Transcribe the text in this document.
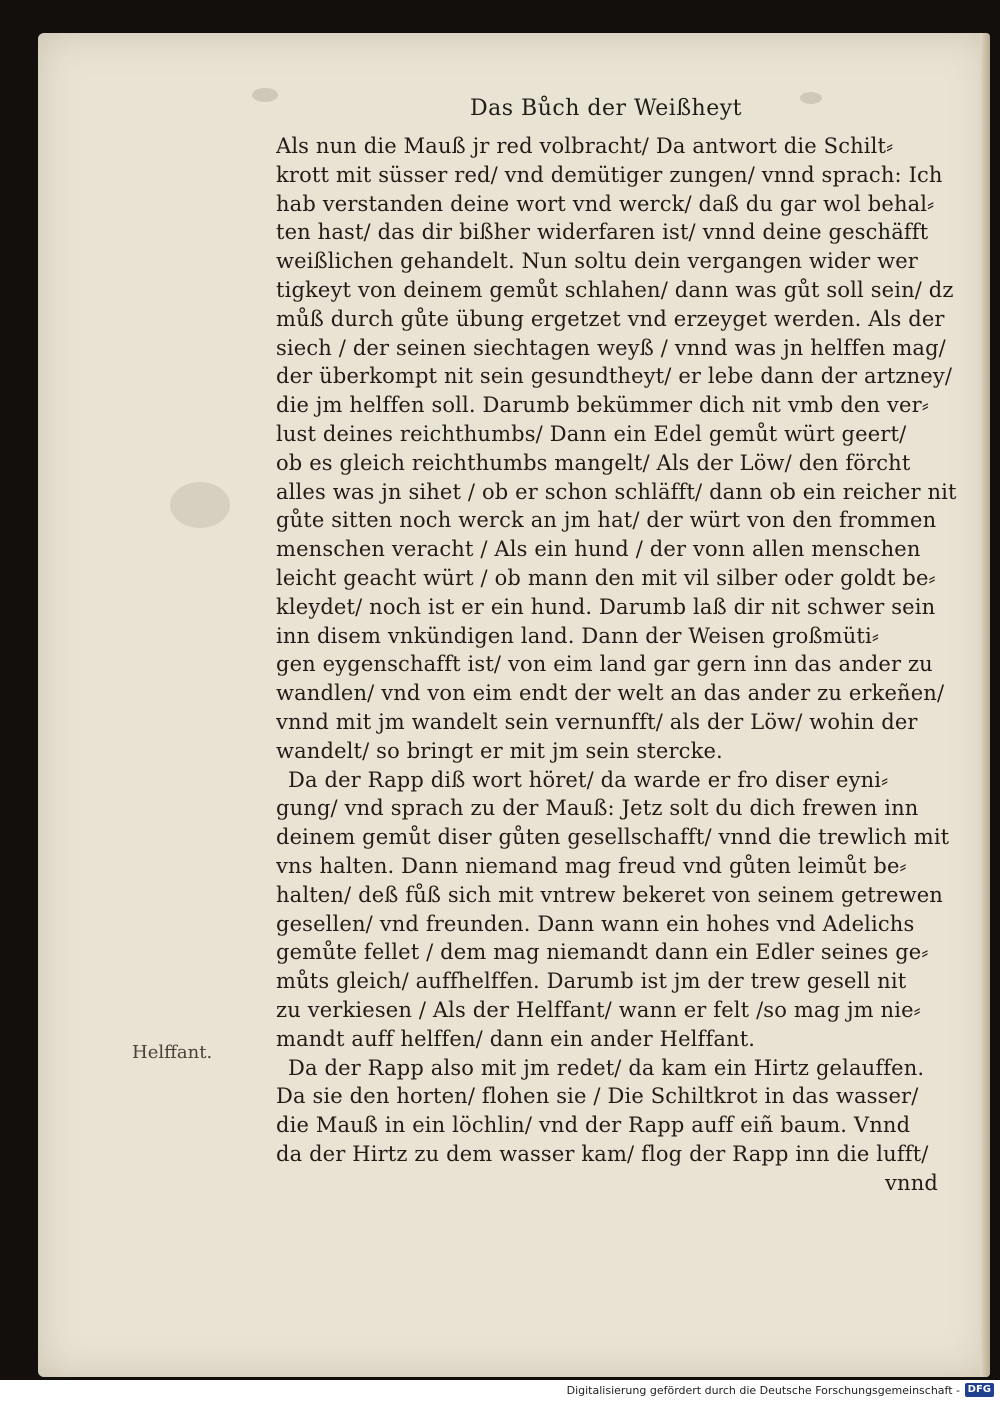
Das Bůch der Weißheyt
Als nun die Mauß jr red volbracht/ Da antwort die Schilt⸗
krott mit süsser red/ vnd demütiger zungen/ vnnd sprach: Ich
hab verstanden deine wort vnd werck/ daß du gar wol behal⸗
ten hast/ das dir bißher widerfaren ist/ vnnd deine geschäfft
weißlichen gehandelt. Nun soltu dein vergangen wider wer
tigkeyt von deinem gemůt schlahen/ dann was gůt soll sein/ dz
můß durch gůte übung ergetzet vnd erzeyget werden. Als der
siech / der seinen siechtagen weyß / vnnd was jn helffen mag/
der überkompt nit sein gesundtheyt/ er lebe dann der artzney/
die jm helffen soll. Darumb bekümmer dich nit vmb den ver⸗
lust deines reichthumbs/ Dann ein Edel gemůt würt geert/
ob es gleich reichthumbs mangelt/ Als der Löw/ den förcht
alles was jn sihet / ob er schon schläfft/ dann ob ein reicher nit
gůte sitten noch werck an jm hat/ der würt von den frommen
menschen veracht / Als ein hund / der vonn allen menschen
leicht geacht würt / ob mann den mit vil silber oder goldt be⸗
kleydet/ noch ist er ein hund. Darumb laß dir nit schwer sein
inn disem vnkündigen land. Dann der Weisen großmüti⸗
gen eygenschafft ist/ von eim land gar gern inn das ander zu
wandlen/ vnd von eim endt der welt an das ander zu erkeñen/
vnnd mit jm wandelt sein vernunfft/ als der Löw/ wohin der
wandelt/ so bringt er mit jm sein stercke.
Da der Rapp diß wort höret/ da warde er fro diser eyni⸗
gung/ vnd sprach zu der Mauß: Jetz solt du dich frewen inn
deinem gemůt diser gůten gesellschafft/ vnnd die trewlich mit
vns halten. Dann niemand mag freud vnd gůten leimůt be⸗
halten/ deß fůß sich mit vntrew bekeret von seinem getrewen
gesellen/ vnd freunden. Dann wann ein hohes vnd Adelichs
gemůte fellet / dem mag niemandt dann ein Edler seines ge⸗
můts gleich/ auffhelffen. Darumb ist jm der trew gesell nit
zu verkiesen / Als der Helffant/ wann er felt /so mag jm nie⸗
mandt auff helffen/ dann ein ander Helffant.
Da der Rapp also mit jm redet/ da kam ein Hirtz gelauffen.
Da sie den horten/ flohen sie / Die Schiltkrot in das wasser/
die Mauß in ein löchlin/ vnd der Rapp auff eiñ baum. Vnnd
da der Hirtz zu dem wasser kam/ flog der Rapp inn die lufft/
vnnd
Helffant.
Digitalisierung gefördert durch die Deutsche Forschungsgemeinschaft - DFG
